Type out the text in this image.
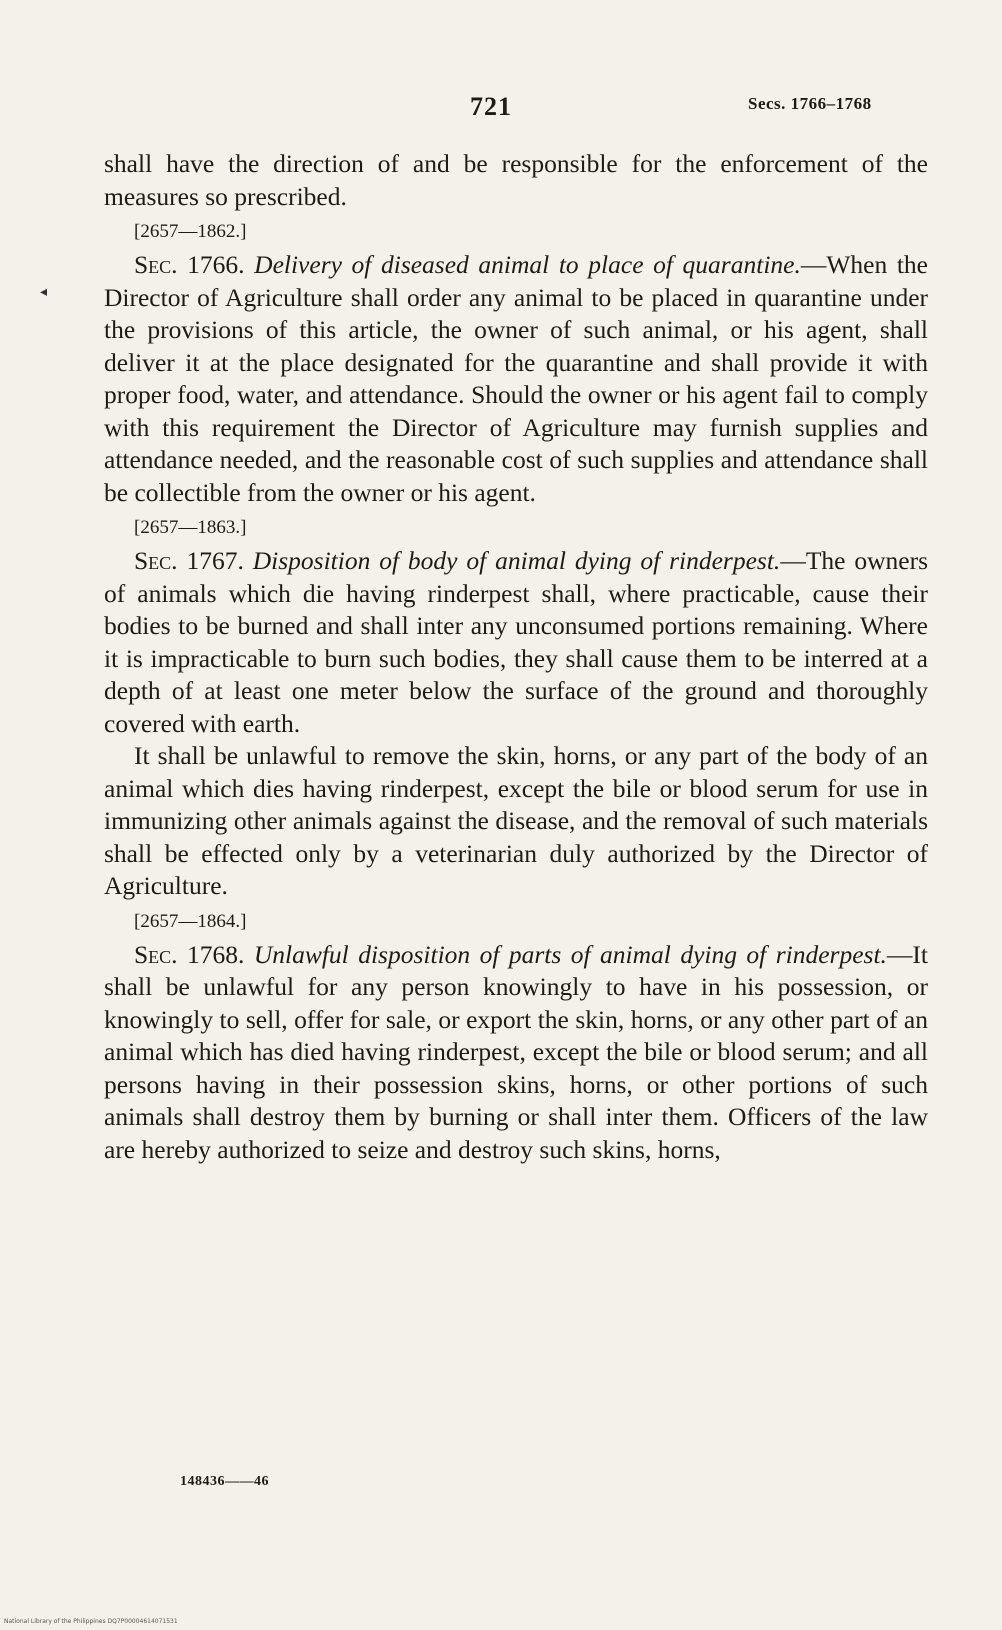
721	Secs. 1766–1768
◂

shall have the direction of and be responsible for the enforcement of the measures so prescribed.

[2657—1862.]

Sec. 1766. Delivery of diseased animal to place of quarantine.—When the Director of Agriculture shall order any animal to be placed in quarantine under the provisions of this article, the owner of such animal, or his agent, shall deliver it at the place designated for the quarantine and shall provide it with proper food, water, and attendance. Should the owner or his agent fail to comply with this requirement the Director of Agriculture may furnish supplies and attendance needed, and the reasonable cost of such supplies and attendance shall be collectible from the owner or his agent.

[2657—1863.]

Sec. 1767. Disposition of body of animal dying of rinderpest.—The owners of animals which die having rinderpest shall, where practicable, cause their bodies to be burned and shall inter any unconsumed portions remaining. Where it is impracticable to burn such bodies, they shall cause them to be interred at a depth of at least one meter below the surface of the ground and thoroughly covered with earth.

It shall be unlawful to remove the skin, horns, or any part of the body of an animal which dies having rinderpest, except the bile or blood serum for use in immunizing other animals against the disease, and the removal of such materials shall be effected only by a veterinarian duly authorized by the Director of Agriculture.

[2657—1864.]

Sec. 1768. Unlawful disposition of parts of animal dying of rinderpest.—It shall be unlawful for any person knowingly to have in his possession, or knowingly to sell, offer for sale, or export the skin, horns, or any other part of an animal which has died having rinderpest, except the bile or blood serum; and all persons having in their possession skins, horns, or other portions of such animals shall destroy them by burning or shall inter them. Officers of the law are hereby authorized to seize and destroy such skins, horns,

148436——46
National Library of the Philippines DQ7P00004614071531
